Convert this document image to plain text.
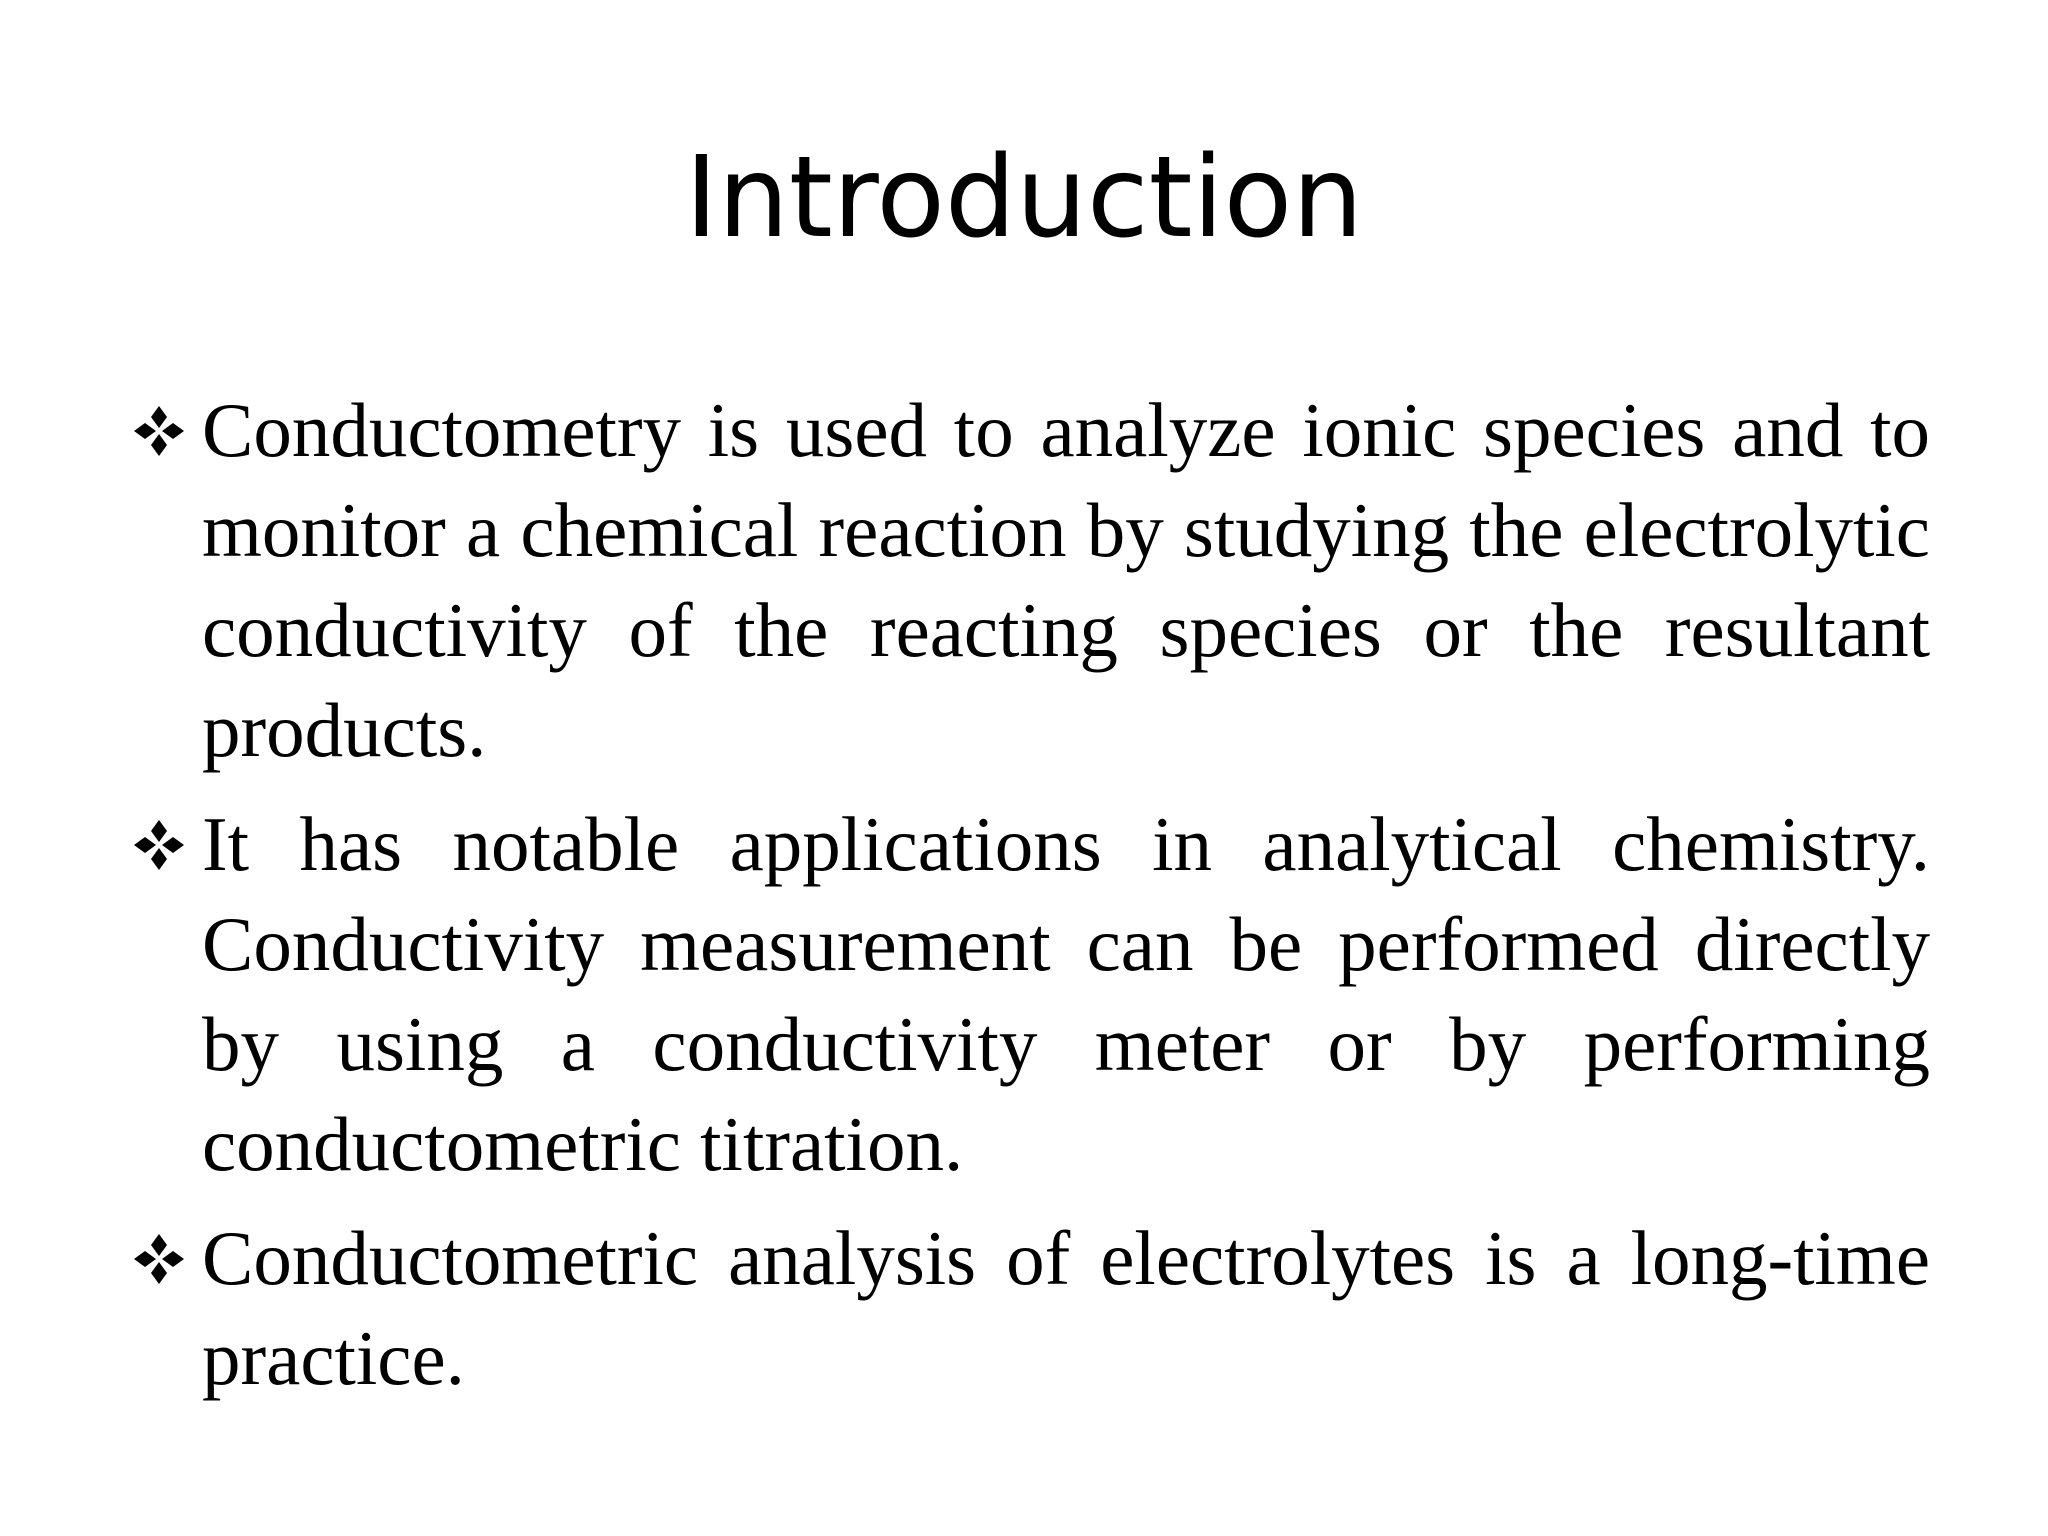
Introduction
Conductometry is used to analyze ionic species and to monitor a chemical reaction by studying the electrolytic conductivity of the reacting species or the resultant products.
It has notable applications in analytical chemistry. Conductivity measurement can be performed directly by using a conductivity meter or by performing conductometric titration.
Conductometric analysis of electrolytes is a long-time practice.
